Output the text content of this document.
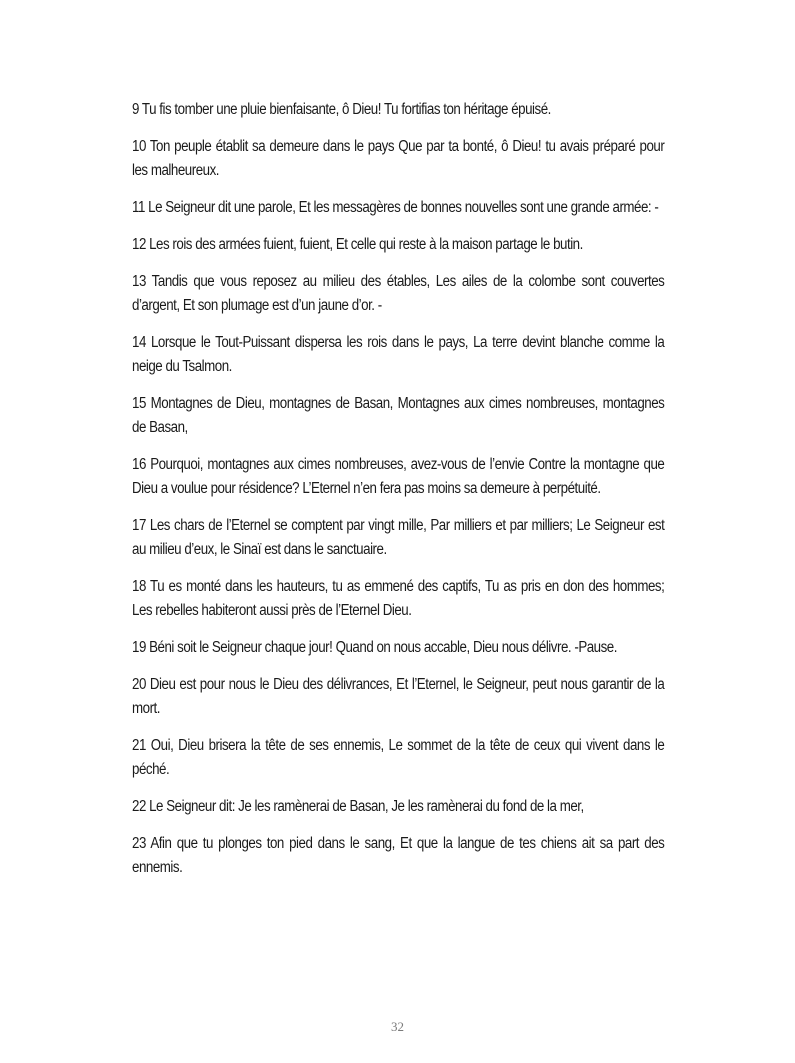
9 Tu fis tomber une pluie bienfaisante, ô Dieu! Tu fortifias ton héritage épuisé.

10 Ton peuple établit sa demeure dans le pays Que par ta bonté, ô Dieu! tu avais préparé pour les malheureux.

11 Le Seigneur dit une parole, Et les messagères de bonnes nouvelles sont une grande armée: -

12 Les rois des armées fuient, fuient, Et celle qui reste à la maison partage le butin.

13 Tandis que vous reposez au milieu des étables, Les ailes de la colombe sont couvertes d’argent, Et son plumage est d’un jaune d’or. -

14 Lorsque le Tout-Puissant dispersa les rois dans le pays, La terre devint blanche comme la neige du Tsalmon.

15 Montagnes de Dieu, montagnes de Basan, Montagnes aux cimes nombreuses, montagnes de Basan,

16 Pourquoi, montagnes aux cimes nombreuses, avez-vous de l’envie Contre la montagne que Dieu a voulue pour résidence? L’Eternel n’en fera pas moins sa demeure à perpétuité.

17 Les chars de l’Eternel se comptent par vingt mille, Par milliers et par milliers; Le Seigneur est au milieu d’eux, le Sinaï est dans le sanctuaire.

18 Tu es monté dans les hauteurs, tu as emmené des captifs, Tu as pris en don des hommes; Les rebelles habiteront aussi près de l’Eternel Dieu.

19 Béni soit le Seigneur chaque jour! Quand on nous accable, Dieu nous délivre. -Pause.

20 Dieu est pour nous le Dieu des délivrances, Et l’Eternel, le Seigneur, peut nous garantir de la mort.

21 Oui, Dieu brisera la tête de ses ennemis, Le sommet de la tête de ceux qui vivent dans le péché.

22 Le Seigneur dit: Je les ramènerai de Basan, Je les ramènerai du fond de la mer,

23 Afin que tu plonges ton pied dans le sang, Et que la langue de tes chiens ait sa part des ennemis.

32
